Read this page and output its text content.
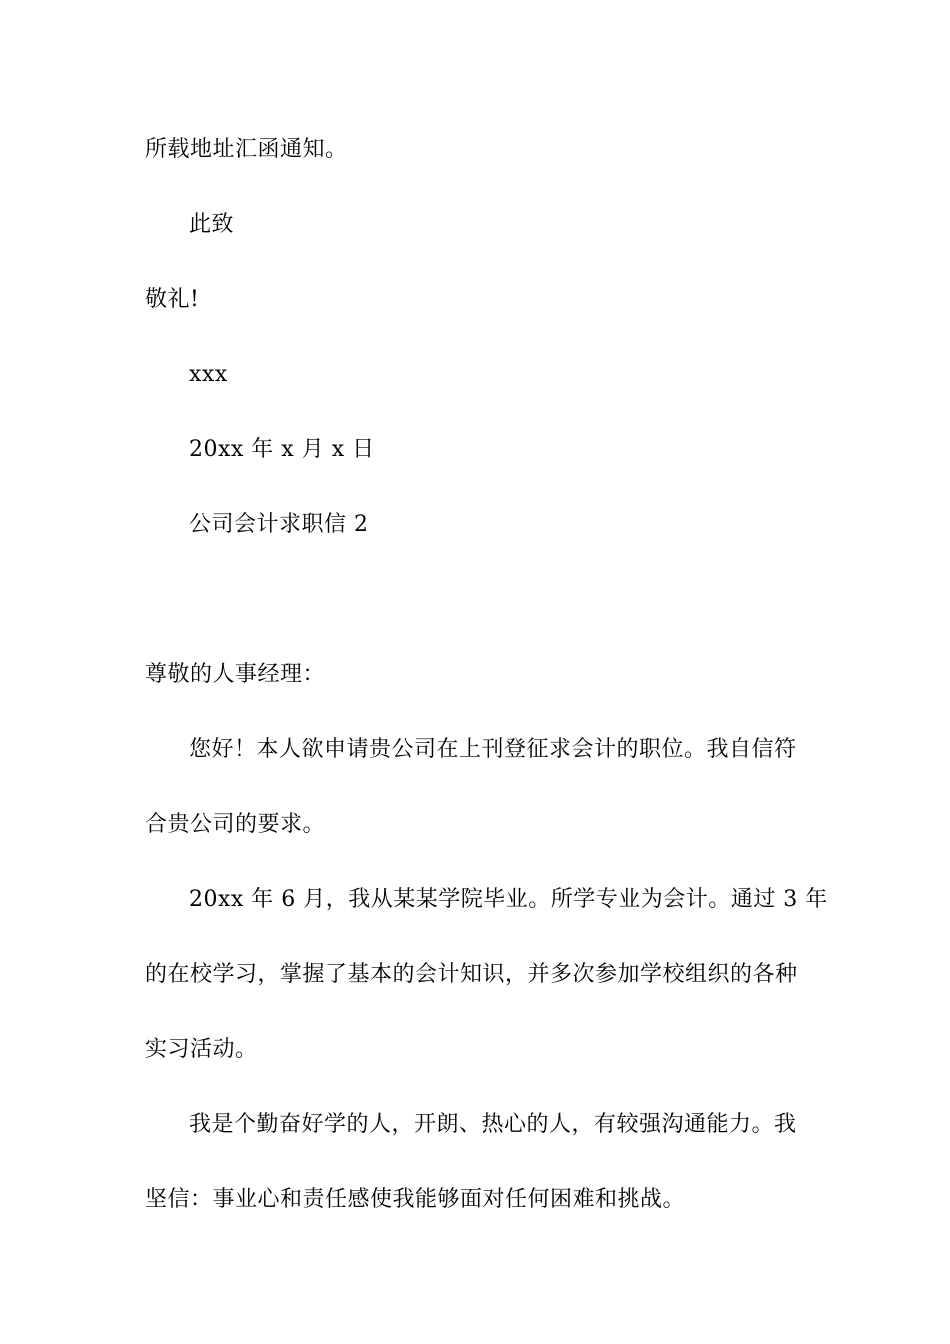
所载地址汇函通知。
此致
敬礼!
xxx
20xx 年 x 月 x 日
公司会计求职信 2
尊敬的人事经理：
您好！本人欲申请贵公司在上刊登征求会计的职位。我自信符
合贵公司的要求。
20xx 年 6 月，我从某某学院毕业。所学专业为会计。通过 3 年
的在校学习，掌握了基本的会计知识，并多次参加学校组织的各种
实习活动。
我是个勤奋好学的人，开朗、热心的人，有较强沟通能力。我
坚信：事业心和责任感使我能够面对任何困难和挑战。
